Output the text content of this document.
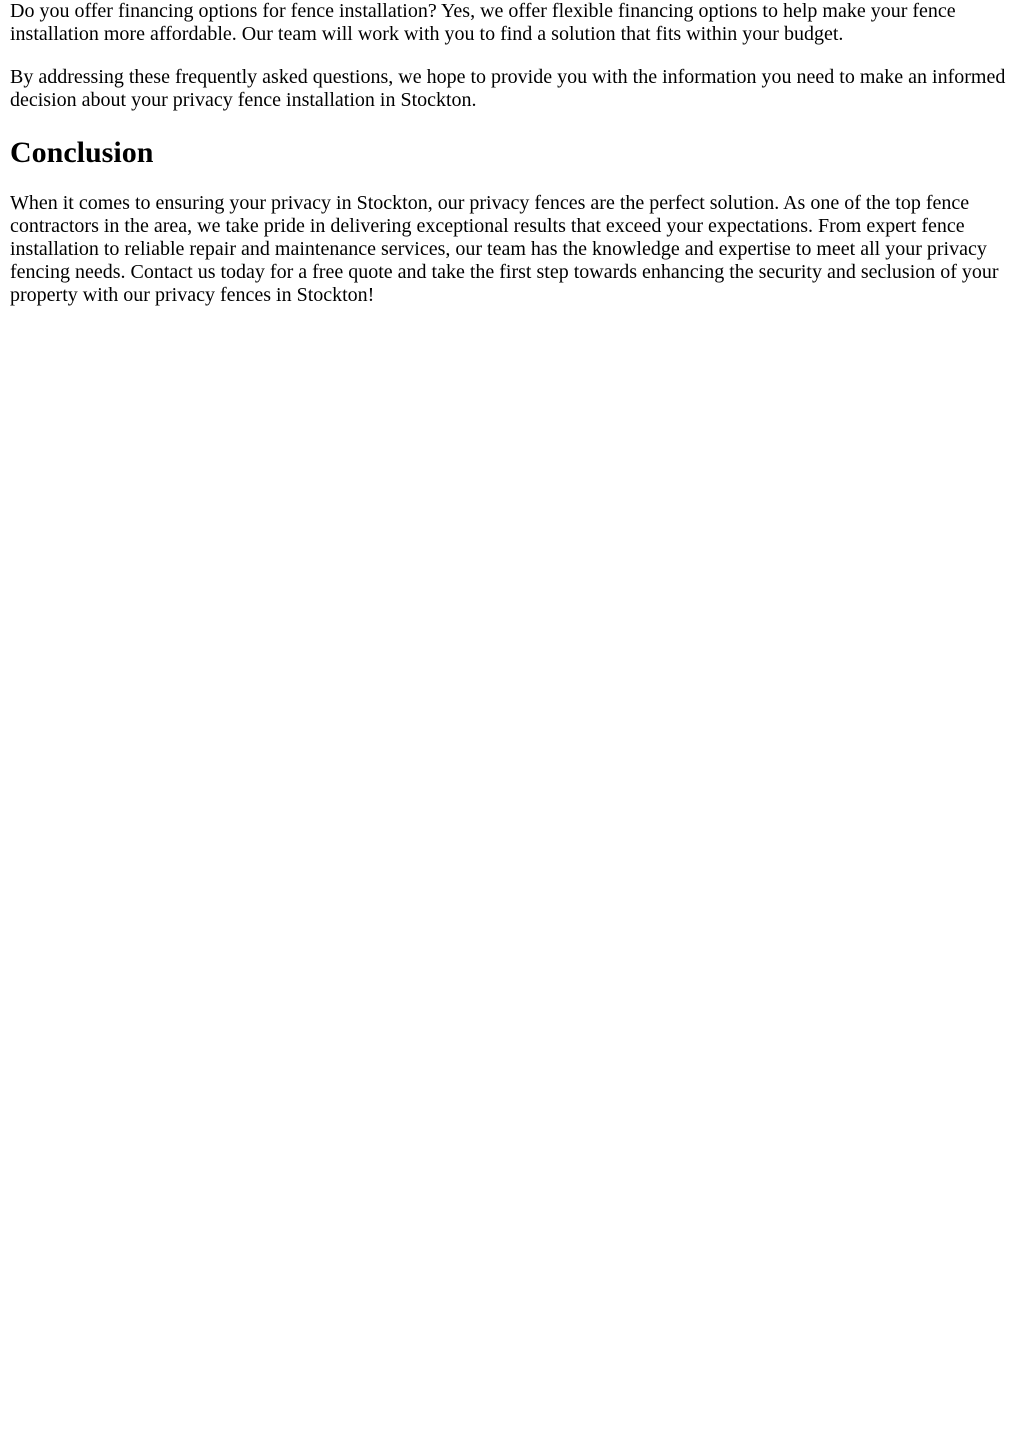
Do you offer financing options for fence installation? Yes, we offer flexible financing options to help make your fence installation more affordable. Our team will work with you to find a solution that fits within your budget.

By addressing these frequently asked questions, we hope to provide you with the information you need to make an informed decision about your privacy fence installation in Stockton.

Conclusion

When it comes to ensuring your privacy in Stockton, our privacy fences are the perfect solution. As one of the top fence contractors in the area, we take pride in delivering exceptional results that exceed your expectations. From expert fence installation to reliable repair and maintenance services, our team has the knowledge and expertise to meet all your privacy fencing needs. Contact us today for a free quote and take the first step towards enhancing the security and seclusion of your property with our privacy fences in Stockton!
